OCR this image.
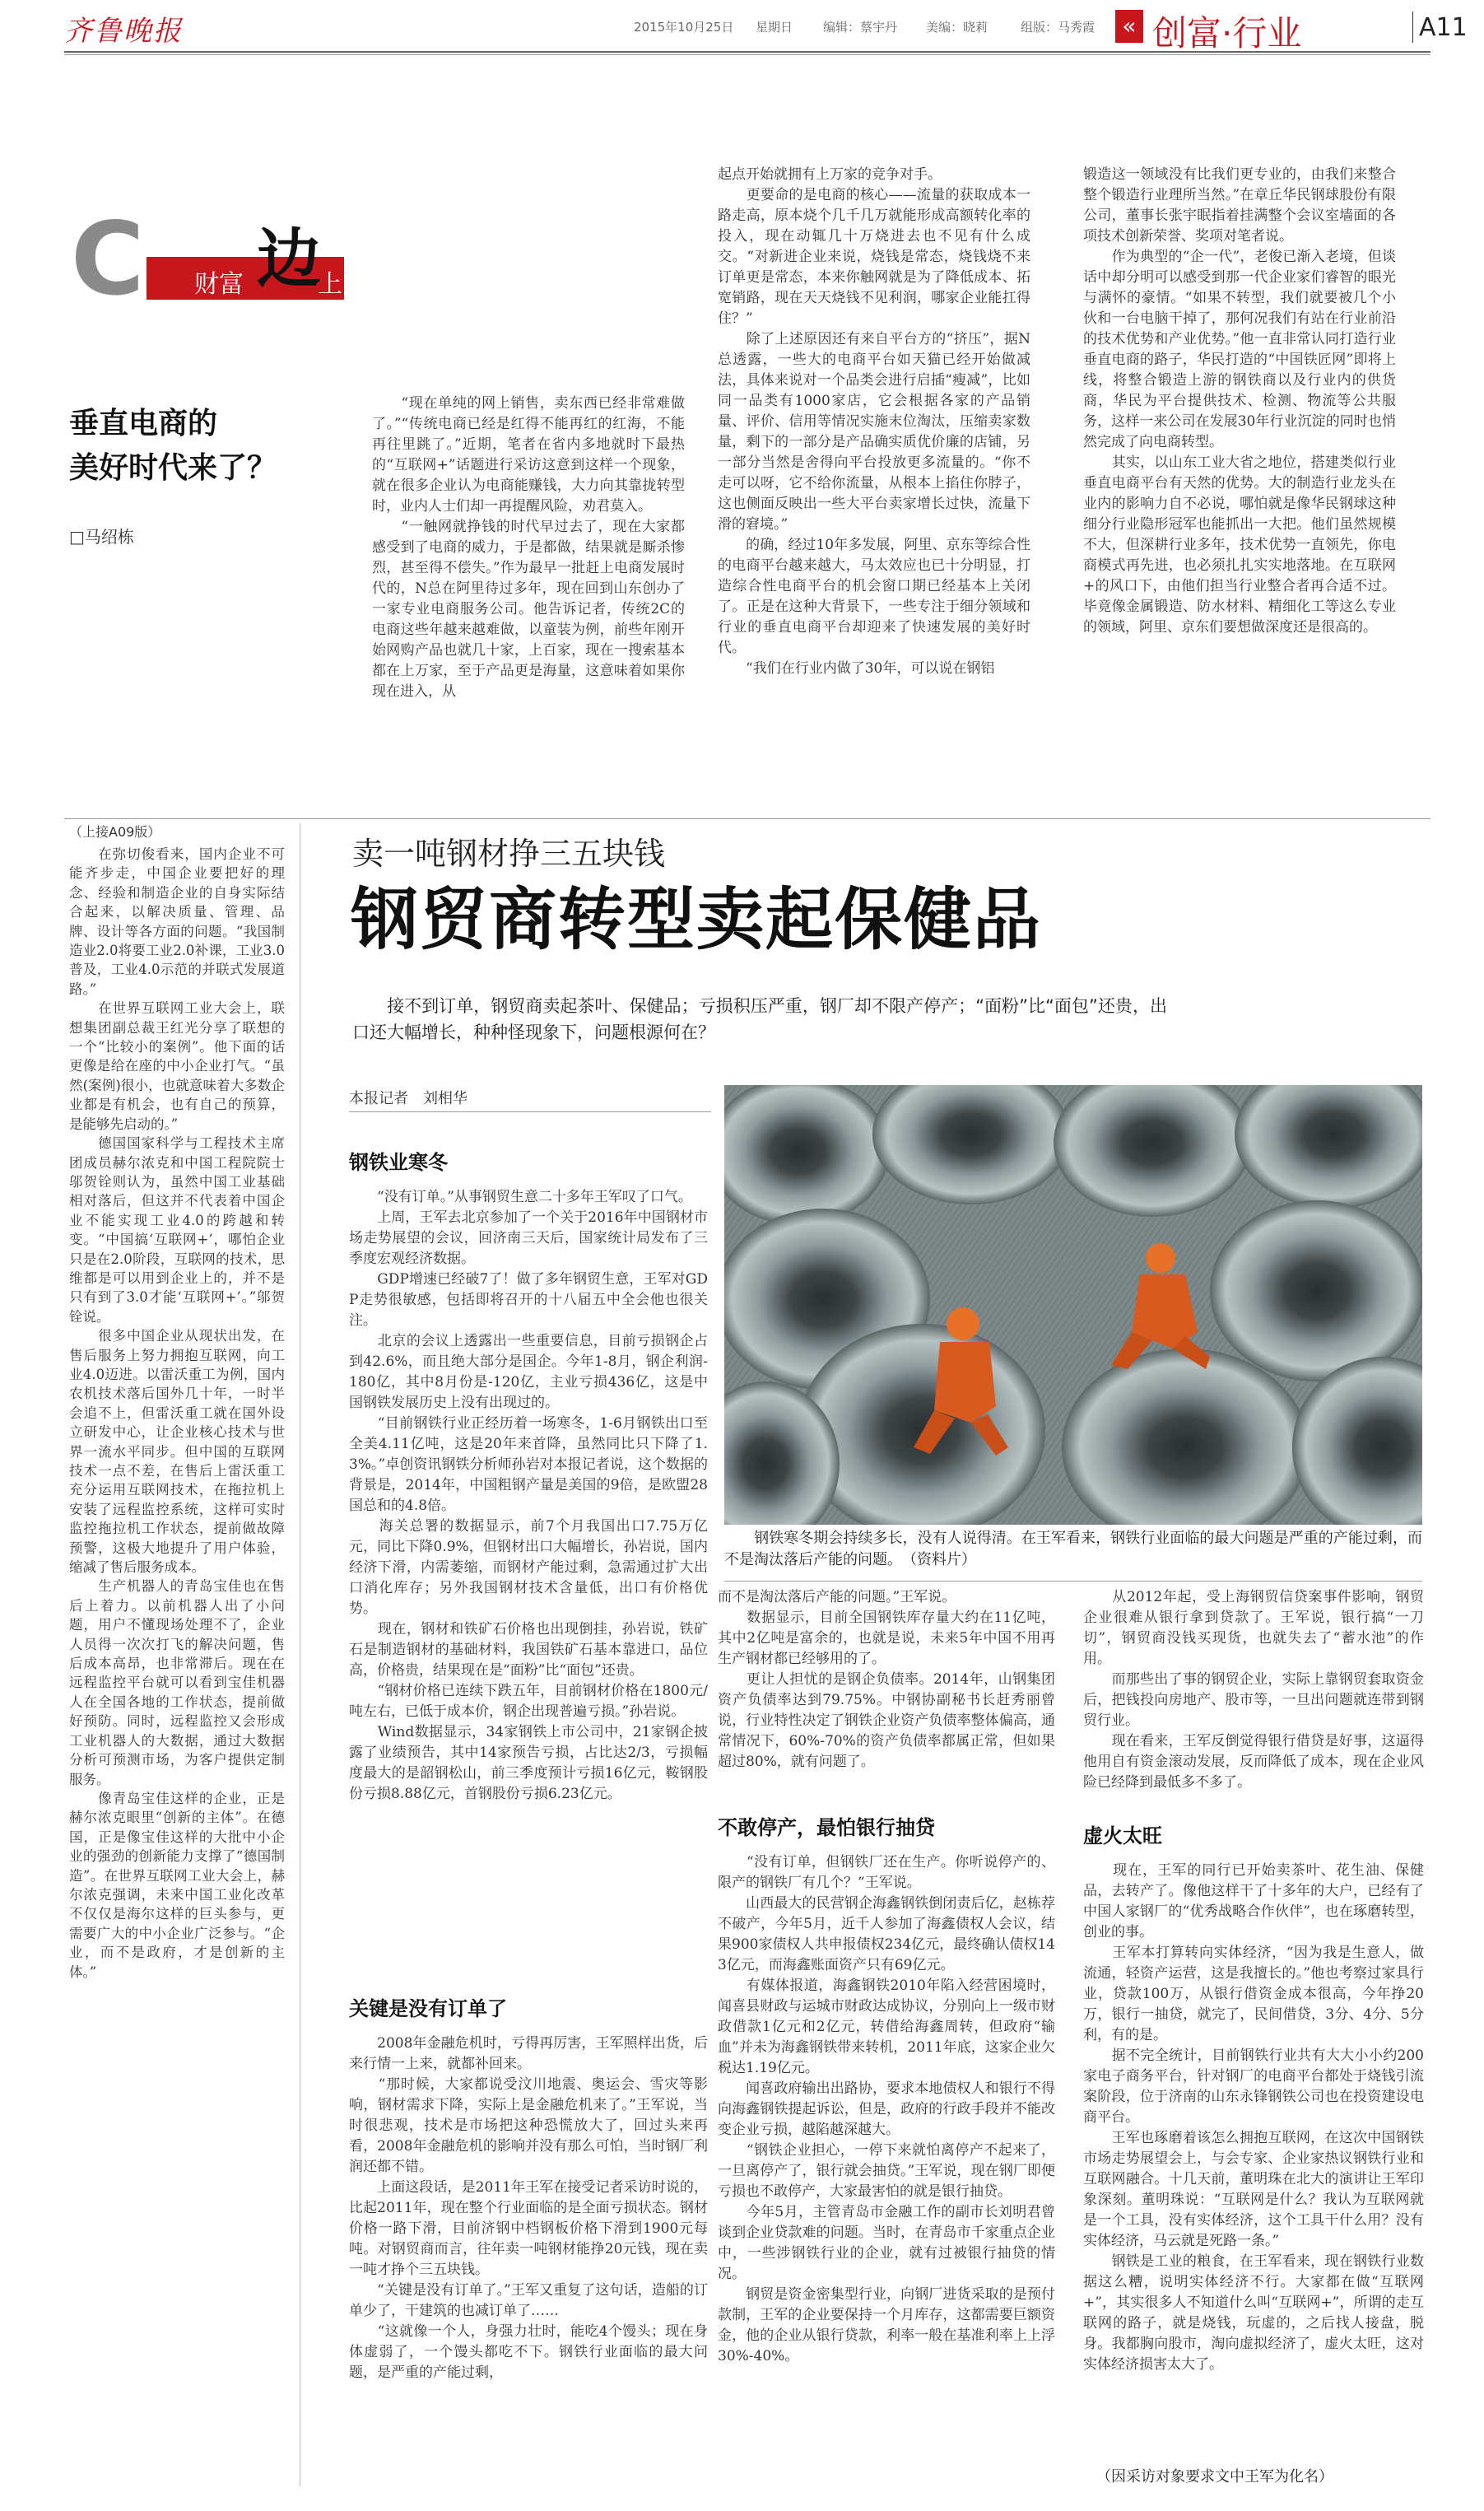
齐鲁晚报	2015年10月25日 星期日 编辑：蔡宇丹 美编：晓莉	组版：马秀霞	« 创富·行业	A11
C 财富 边
上
垂直电商的
美好时代来了？
□马绍栋
　　“现在单纯的网上销售，卖东西已经非常难做了。”“传统电商已经是红得不能再红的红海，不能再往里跳了。”近期，笔者在省内多地就时下最热的“互联网+”话题进行采访这意到这样一个现象，就在很多企业认为电商能赚钱，大力向其靠拢转型时，业内人士们却一再提醒风险，劝君莫入。
　　“一触网就挣钱的时代早过去了，现在大家都感受到了电商的威力，于是都做，结果就是厮杀惨烈，甚至得不偿失。”作为最早一批赶上电商发展时代的，N总在阿里待过多年，现在回到山东创办了一家专业电商服务公司。他告诉记者，传统2C的电商这些年越来越难做，以童装为例，前些年刚开始网购产品也就几十家，上百家，现在一搜索基本都在上万家，至于产品更是海量，这意味着如果你现在进入，从
起点开始就拥有上万家的竞争对手。
　　更要命的是电商的核心——流量的获取成本一路走高，原本烧个几千几万就能形成高额转化率的投入，现在动辄几十万烧进去也不见有什么成交。“对新进企业来说，烧钱是常态，烧钱烧不来订单更是常态，本来你触网就是为了降低成本、拓宽销路，现在天天烧钱不见利润，哪家企业能扛得住？”
　　除了上述原因还有来自平台方的“挤压”，据N总透露，一些大的电商平台如天猫已经开始做减法，具体来说对一个品类会进行启插“瘦减”，比如同一品类有1000家店，它会根据各家的产品销量、评价、信用等情况实施末位淘汰，压缩卖家数量，剩下的一部分是产品确实质优价廉的店铺，另一部分当然是舍得向平台投放更多流量的。“你不走可以呀，它不给你流量，从根本上掐住你脖子，这也侧面反映出一些大平台卖家增长过快，流量下滑的窘境。”
　　的确，经过10年多发展，阿里、京东等综合性的电商平台越来越大，马太效应也已十分明显，打造综合性电商平台的机会窗口期已经基本上关闭了。正是在这种大背景下，一些专注于细分领域和行业的垂直电商平台却迎来了快速发展的美好时代。
　　“我们在行业内做了30年，可以说在钢铝
锻造这一领域没有比我们更专业的，由我们来整合整个锻造行业理所当然。”在章丘华民钢球股份有限公司，董事长张宇眠指着挂满整个会议室墙面的各项技术创新荣誉、奖项对笔者说。
　　作为典型的“企一代”，老俊已渐入老境，但谈话中却分明可以感受到那一代企业家们睿智的眼光与满怀的豪情。“如果不转型，我们就要被几个小伙和一台电脑干掉了，那何况我们有站在行业前沿的技术优势和产业优势。”他一直非常认同打造行业垂直电商的路子，华民打造的“中国铁匠网”即将上线，将整合锻造上游的钢铁商以及行业内的供货商，华民为平台提供技术、检测、物流等公共服务，这样一来公司在发展30年行业沉淀的同时也悄然完成了向电商转型。
　　其实，以山东工业大省之地位，搭建类似行业垂直电商平台有天然的优势。大的制造行业龙头在业内的影响力自不必说，哪怕就是像华民钢球这种细分行业隐形冠军也能抓出一大把。他们虽然规模不大，但深耕行业多年，技术优势一直领先，你电商模式再先进，也必须扎扎实实地落地。在互联网+的风口下，由他们担当行业整合者再合适不过。毕竟像金属锻造、防水材料、精细化工等这么专业的领域，阿里、京东们要想做深度还是很高的。
（上接A09版）
　　在弥切俊看来，国内企业不可能齐步走，中国企业要把好的理念、经验和制造企业的自身实际结合起来，以解决质量、管理、品牌、设计等各方面的问题。“我国制造业2.0将要工业2.0补课，工业3.0普及，工业4.0示范的并联式发展道路。”
　　在世界互联网工业大会上，联想集团副总裁王红光分享了联想的一个“比较小的案例”。他下面的话更像是给在座的中小企业打气。“虽然(案例)很小，也就意味着大多数企业都是有机会，也有自己的预算，是能够先启动的。”
　　德国国家科学与工程技术主席团成员赫尔浓克和中国工程院院士邬贺铨则认为，虽然中国工业基础相对落后，但这并不代表着中国企业不能实现工业4.0的跨越和转变。“中国搞‘互联网+’，哪怕企业只是在2.0阶段，互联网的技术，思维都是可以用到企业上的，并不是只有到了3.0才能‘互联网+’。”邬贺铨说。
　　很多中国企业从现状出发，在售后服务上努力拥抱互联网，向工业4.0迈进。以雷沃重工为例，国内农机技术落后国外几十年，一时半会追不上，但雷沃重工就在国外设立研发中心，让企业核心技术与世界一流水平同步。但中国的互联网技术一点不差，在售后上雷沃重工充分运用互联网技术，在拖拉机上安装了远程监控系统，这样可实时监控拖拉机工作状态，提前做故障预警，这极大地提升了用户体验，缩减了售后服务成本。
　　生产机器人的青岛宝佳也在售后上着力。以前机器人出了小问题，用户不懂现场处理不了，企业人员得一次次打飞的解决问题，售后成本高昂，也非常滞后。现在在远程监控平台就可以看到宝佳机器人在全国各地的工作状态，提前做好预防。同时，远程监控又会形成工业机器人的大数据，通过大数据分析可预测市场，为客户提供定制服务。
　　像青岛宝佳这样的企业，正是赫尔浓克眼里“创新的主体”。在德国，正是像宝佳这样的大批中小企业的强劲的创新能力支撑了“德国制造”。在世界互联网工业大会上，赫尔浓克强调，未来中国工业化改革不仅仅是海尔这样的巨头参与，更需要广大的中小企业广泛参与。“企业，而不是政府，才是创新的主体。”
卖一吨钢材挣三五块钱
钢贸商转型卖起保健品
　　接不到订单，钢贸商卖起茶叶、保健品；亏损积压严重，钢厂却不限产停产；“面粉”比“面包”还贵，出口还大幅增长，种种怪现象下，问题根源何在？
本报记者　刘相华
钢铁业寒冬
　　“没有订单。”从事钢贸生意二十多年王军叹了口气。
　　上周，王军去北京参加了一个关于2016年中国钢材市场走势展望的会议，回济南三天后，国家统计局发布了三季度宏观经济数据。
　　GDP增速已经破7了！做了多年钢贸生意，王军对GDP走势很敏感，包括即将召开的十八届五中全会他也很关注。
　　北京的会议上透露出一些重要信息，目前亏损钢企占到42.6%，而且绝大部分是国企。今年1-8月，钢企利润-180亿，其中8月份是-120亿，主业亏损436亿，这是中国钢铁发展历史上没有出现过的。
　　“目前钢铁行业正经历着一场寒冬，1-6月钢铁出口至全美4.11亿吨，这是20年来首降，虽然同比只下降了1.3%。”卓创资讯钢铁分析师孙岩对本报记者说，这个数据的背景是，2014年，中国粗钢产量是美国的9倍，是欧盟28国总和的4.8倍。
　　海关总署的数据显示，前7个月我国出口7.75万亿元，同比下降0.9%，但钢材出口大幅增长，孙岩说，国内经济下滑，内需萎缩，而钢材产能过剩，急需通过扩大出口消化库存；另外我国钢材技术含量低，出口有价格优势。
　　现在，钢材和铁矿石价格也出现倒挂，孙岩说，铁矿石是制造钢材的基础材料，我国铁矿石基本靠进口，品位高，价格贵，结果现在是“面粉”比“面包”还贵。
　　“钢材价格已连续下跌五年，目前钢材价格在1800元/吨左右，已低于成本价，钢企出现普遍亏损。”孙岩说。
　　Wind数据显示，34家钢铁上市公司中，21家钢企披露了业绩预告，其中14家预告亏损，占比达2/3，亏损幅度最大的是韶钢松山，前三季度预计亏损16亿元，鞍钢股份亏损8.88亿元，首钢股份亏损6.23亿元。
关键是没有订单了
　　2008年金融危机时，亏得再厉害，王军照样出货，后来行情一上来，就都补回来。
　　“那时候，大家都说受汶川地震、奥运会、雪灾等影响，钢材需求下降，实际上是金融危机来了。”王军说，当时很悲观，技术是市场把这种恐慌放大了，回过头来再看，2008年金融危机的影响并没有那么可怕，当时钢厂利润还都不错。
　　上面这段话，是2011年王军在接受记者采访时说的，比起2011年，现在整个行业面临的是全面亏损状态。钢材价格一路下滑，目前济钢中档钢板价格下滑到1900元每吨。对钢贸商而言，往年卖一吨钢材能挣20元钱，现在卖一吨才挣个三五块钱。
　　“关键是没有订单了。”王军又重复了这句话，造船的订单少了，干建筑的也减订单了……
　　“这就像一个人，身强力壮时，能吃4个馒头；现在身体虚弱了，一个馒头都吃不下。钢铁行业面临的最大问题，是严重的产能过剩，
　　钢铁寒冬期会持续多长，没有人说得清。在王军看来，钢铁行业面临的最大问题是严重的产能过剩，而不是淘汰落后产能的问题。　（资料片）
而不是淘汰落后产能的问题。”王军说。
　　数据显示，目前全国钢铁库存量大约在11亿吨，其中2亿吨是富余的，也就是说，未来5年中国不用再生产钢材都已经够用的了。
　　更让人担忧的是钢企负债率。2014年，山钢集团资产负债率达到79.75%。中钢协副秘书长赶秀丽曾说，行业特性决定了钢铁企业资产负债率整体偏高，通常情况下，60%-70%的资产负债率都属正常，但如果超过80%，就有问题了。
不敢停产，最怕银行抽贷
　　“没有订单，但钢铁厂还在生产。你听说停产的、限产的钢铁厂有几个？”王军说。
　　山西最大的民营钢企海鑫钢铁倒闭责后亿，赵栋荐不破产，今年5月，近千人参加了海鑫债权人会议，结果900家债权人共申报债权234亿元，最终确认债权143亿元，而海鑫账面资产只有69亿元。
　　有媒体报道，海鑫钢铁2010年陷入经营困境时，闻喜县财政与运城市财政达成协议，分别向上一级市财政借款1亿元和2亿元，转借给海鑫周转，但政府“输血”并未为海鑫钢铁带来转机，2011年底，这家企业欠税达1.19亿元。
　　闻喜政府输出出路协，要求本地债权人和银行不得向海鑫钢铁提起诉讼，但是，政府的行政手段并不能改变企业亏损，越陷越深越大。
　　“钢铁企业担心，一停下来就怕离停产不起来了，一旦离停产了，银行就会抽贷。”王军说，现在钢厂即便亏损也不敢停产，大家最害怕的就是银行抽贷。
　　今年5月，主管青岛市金融工作的副市长刘明君曾谈到企业贷款难的问题。当时，在青岛市千家重点企业中，一些涉钢铁行业的企业，就有过被银行抽贷的情况。
　　钢贸是资金密集型行业，向钢厂进货采取的是预付款制，王军的企业要保持一个月库存，这都需要巨额资金，他的企业从银行贷款，利率一般在基准利率上上浮30%-40%。
　　从2012年起，受上海钢贸信贷案事件影响，钢贸企业很难从银行拿到贷款了。王军说，银行搞“一刀切”，钢贸商没钱买现货，也就失去了“蓄水池”的作用。
　　而那些出了事的钢贸企业，实际上靠钢贸套取资金后，把钱投向房地产、股市等，一旦出问题就连带到钢贸行业。
　　现在看来，王军反倒觉得银行借贷是好事，这逼得他用自有资金滚动发展，反而降低了成本，现在企业风险已经降到最低多不多了。
虚火太旺
　　现在，王军的同行已开始卖茶叶、花生油、保健品，去转产了。像他这样干了十多年的大户，已经有了中国人家钢厂的“优秀战略合作伙伴”，也在琢磨转型，创业的事。
　　王军本打算转向实体经济，“因为我是生意人，做流通，轻资产运营，这是我擅长的。”他也考察过家具行业，贷款100万，从银行借资金成本很高，今年挣20万，银行一抽贷，就完了，民间借贷，3分、4分、5分利，有的是。
　　据不完全统计，目前钢铁行业共有大大小小约200家电子商务平台，针对钢厂的电商平台都处于烧钱引流案阶段，位于济南的山东永锋钢铁公司也在投资建设电商平台。
　　王军也琢磨着该怎么拥抱互联网，在这次中国钢铁市场走势展望会上，与会专家、企业家热议钢铁行业和互联网融合。十几天前，董明珠在北大的演讲让王军印象深刻。董明珠说：“互联网是什么？我认为互联网就是一个工具，没有实体经济，这个工具干什么用？没有实体经济，马云就是死路一条。”
　　钢铁是工业的粮食，在王军看来，现在钢铁行业数据这么糟，说明实体经济不行。大家都在做“互联网+”，其实很多人不知道什么叫“互联网+”，所谓的走互联网的路子，就是烧钱，玩虚的，之后找人接盘，脱身。我都胸向股市，淘向虚拟经济了，虚火太旺，这对实体经济损害太大了。
（因采访对象要求文中王军为化名）
